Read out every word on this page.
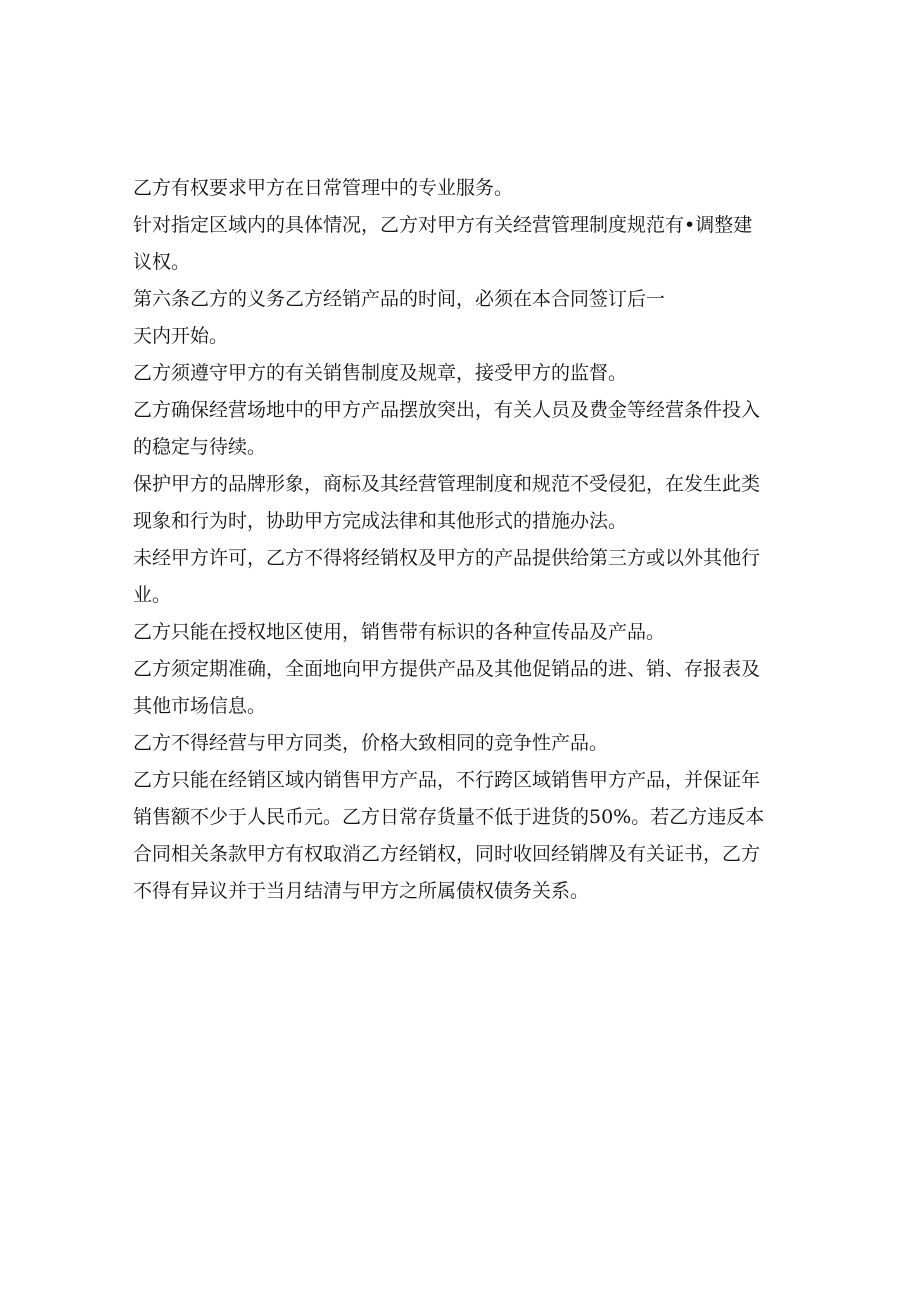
乙方有权要求甲方在日常管理中的专业服务。

针对指定区域内的具体情况，乙方对甲方有关经营管理制度规范有•调整建

议权。

第六条乙方的义务乙方经销产品的时间，必须在本合同签订后一

天内开始。

乙方须遵守甲方的有关销售制度及规章，接受甲方的监督。

乙方确保经营场地中的甲方产品摆放突出，有关人员及费金等经营条件投入

的稳定与待续。

保护甲方的品牌形象，商标及其经营管理制度和规范不受侵犯，在发生此类

现象和行为时，协助甲方完成法律和其他形式的措施办法。

未经甲方许可，乙方不得将经销权及甲方的产品提供给第三方或以外其他行

业。

乙方只能在授权地区使用，销售带有标识的各种宣传品及产品。

乙方须定期准确，全面地向甲方提供产品及其他促销品的进、销、存报表及

其他市场信息。

乙方不得经营与甲方同类，价格大致相同的竞争性产品。

乙方只能在经销区域内销售甲方产品，不行跨区域销售甲方产品，并保证年

销售额不少于人民币元。乙方日常存货量不低于进货的50%。若乙方违反本

合同相关条款甲方有权取消乙方经销权，同时收回经销牌及有关证书，乙方

不得有异议并于当月结清与甲方之所属债权债务关系。
